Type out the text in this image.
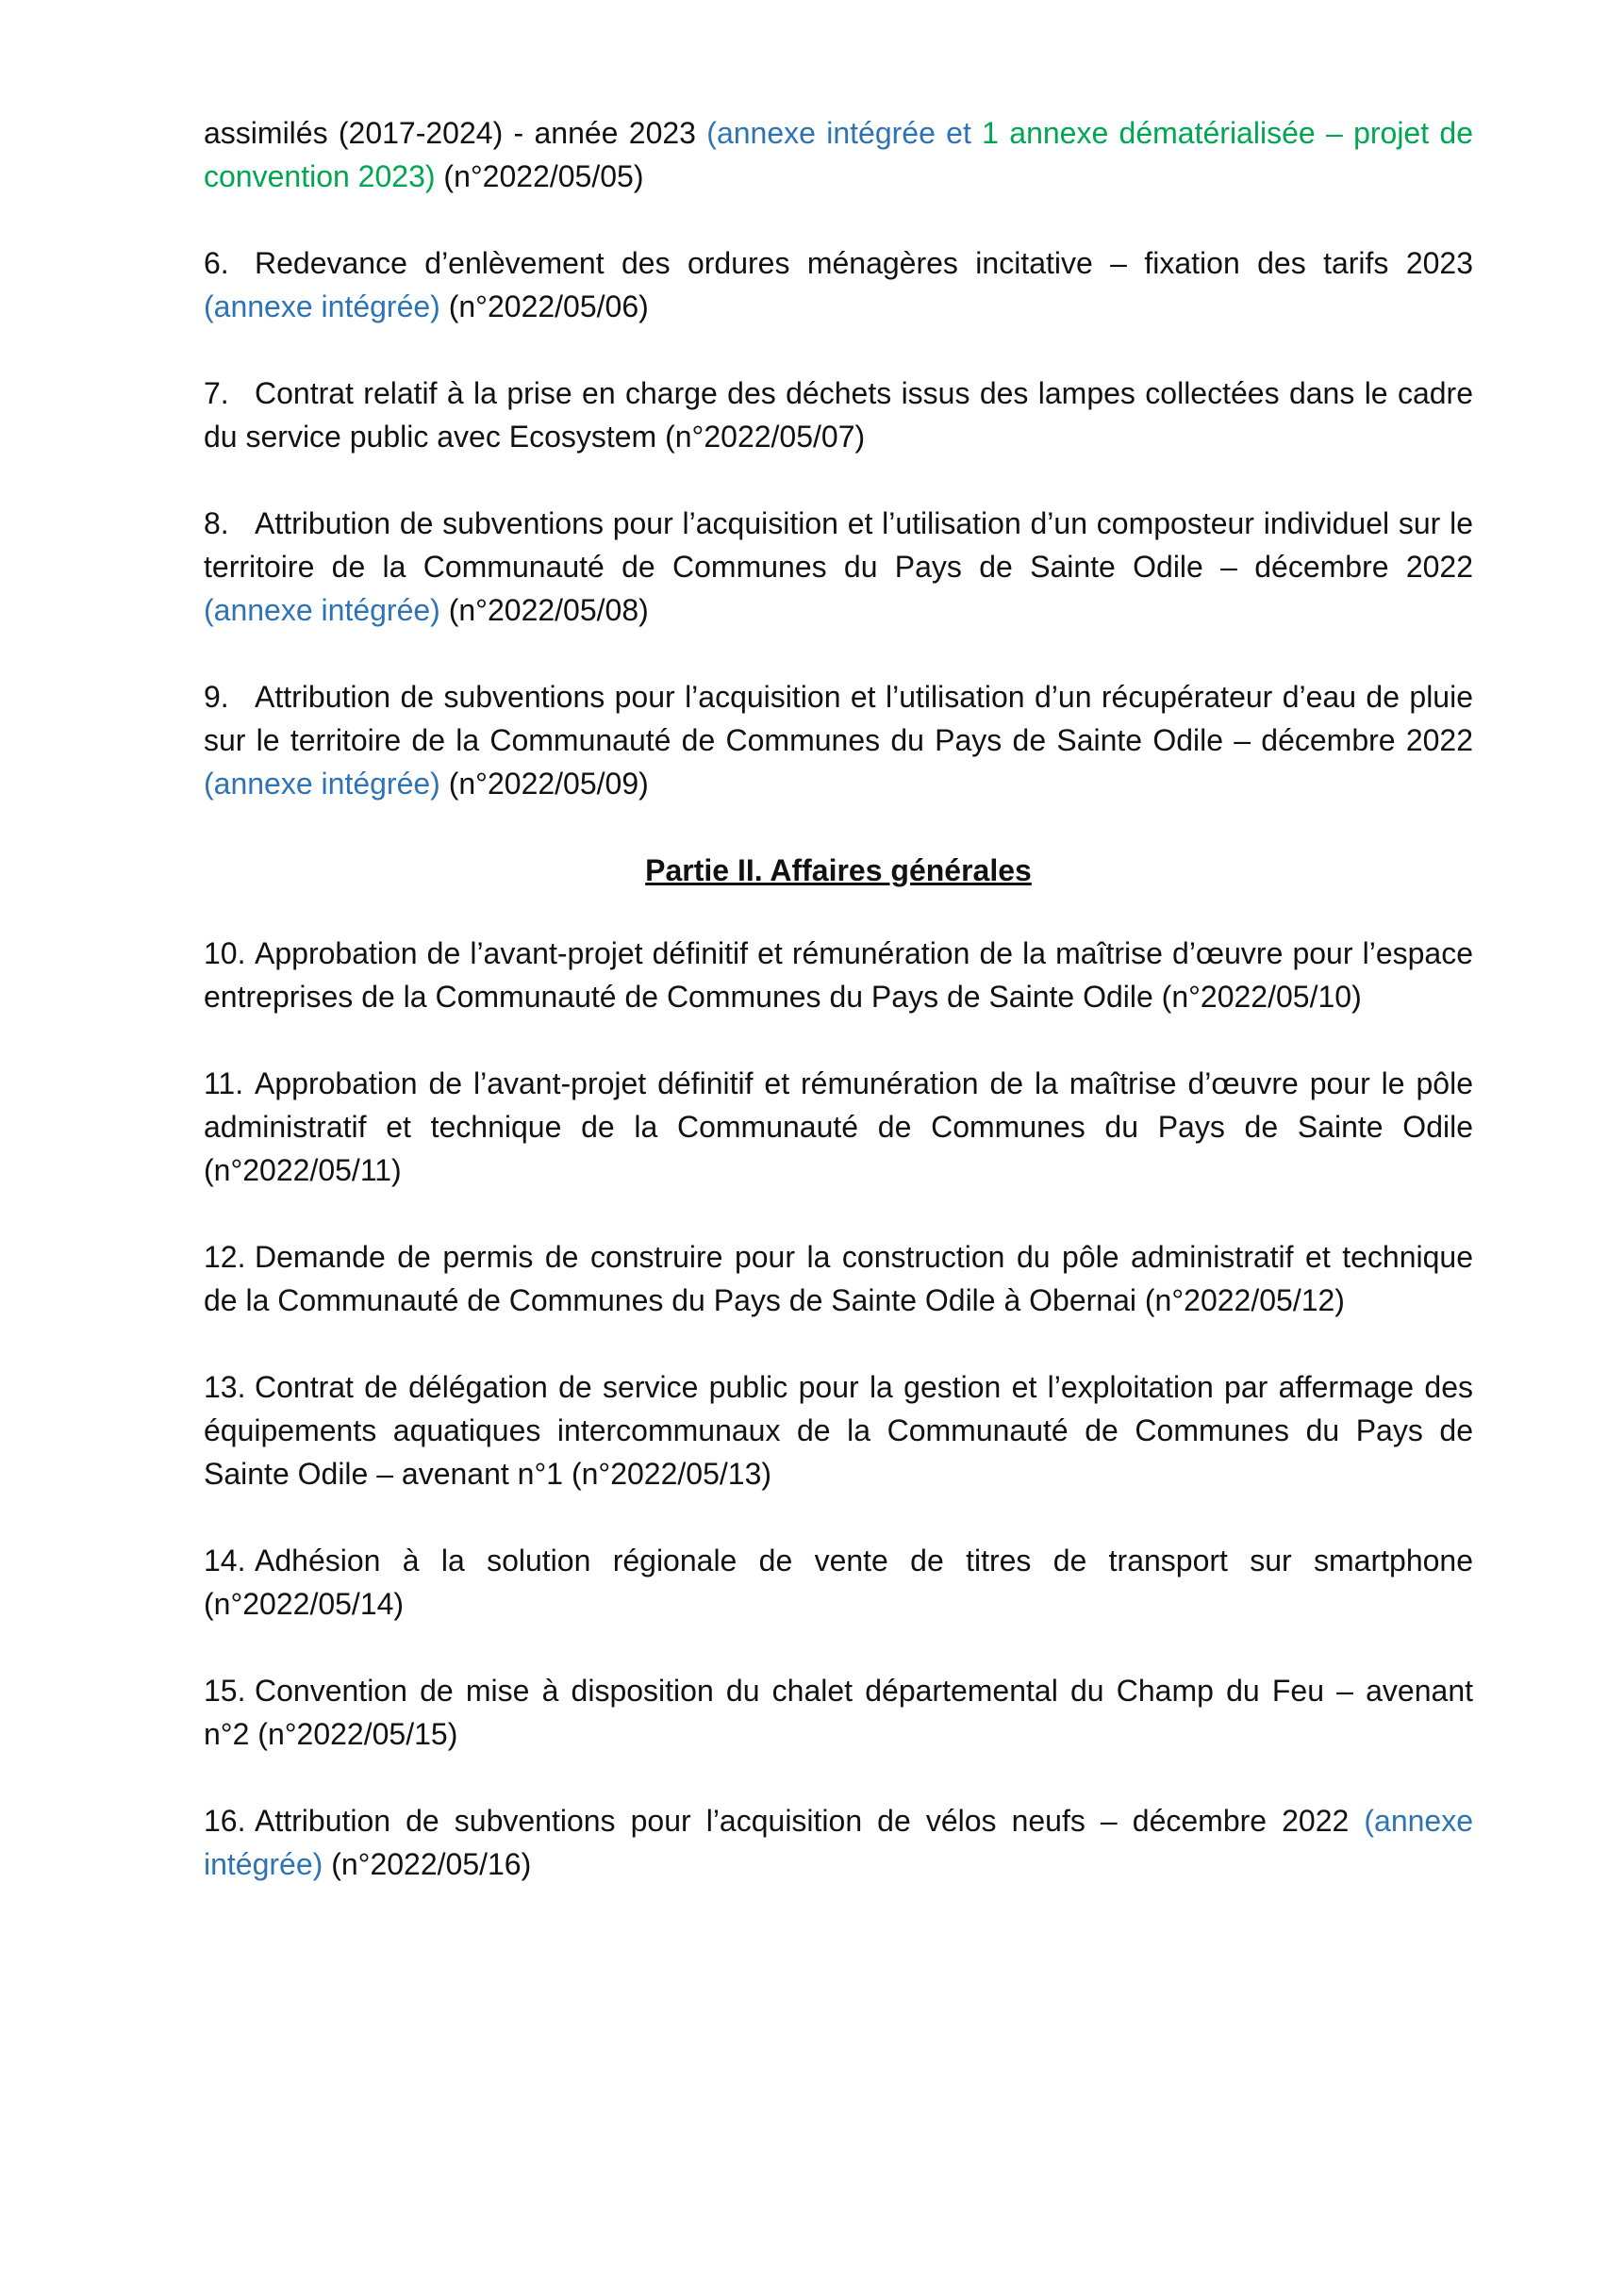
assimilés (2017-2024) - année 2023 (annexe intégrée et 1 annexe dématérialisée – projet de convention 2023) (n°2022/05/05)

6. Redevance d’enlèvement des ordures ménagères incitative – fixation des tarifs 2023 (annexe intégrée) (n°2022/05/06)

7. Contrat relatif à la prise en charge des déchets issus des lampes collectées dans le cadre du service public avec Ecosystem (n°2022/05/07)

8. Attribution de subventions pour l’acquisition et l’utilisation d’un composteur individuel sur le territoire de la Communauté de Communes du Pays de Sainte Odile – décembre 2022 (annexe intégrée) (n°2022/05/08)

9. Attribution de subventions pour l’acquisition et l’utilisation d’un récupérateur d’eau de pluie sur le territoire de la Communauté de Communes du Pays de Sainte Odile – décembre 2022 (annexe intégrée) (n°2022/05/09)

Partie II. Affaires générales

10. Approbation de l’avant-projet définitif et rémunération de la maîtrise d’œuvre pour l’espace entreprises de la Communauté de Communes du Pays de Sainte Odile (n°2022/05/10)

11. Approbation de l’avant-projet définitif et rémunération de la maîtrise d’œuvre pour le pôle administratif et technique de la Communauté de Communes du Pays de Sainte Odile (n°2022/05/11)

12. Demande de permis de construire pour la construction du pôle administratif et technique de la Communauté de Communes du Pays de Sainte Odile à Obernai (n°2022/05/12)

13. Contrat de délégation de service public pour la gestion et l’exploitation par affermage des équipements aquatiques intercommunaux de la Communauté de Communes du Pays de Sainte Odile – avenant n°1 (n°2022/05/13)

14. Adhésion à la solution régionale de vente de titres de transport sur smartphone (n°2022/05/14)

15. Convention de mise à disposition du chalet départemental du Champ du Feu – avenant n°2 (n°2022/05/15)

16. Attribution de subventions pour l’acquisition de vélos neufs – décembre 2022 (annexe intégrée) (n°2022/05/16)
